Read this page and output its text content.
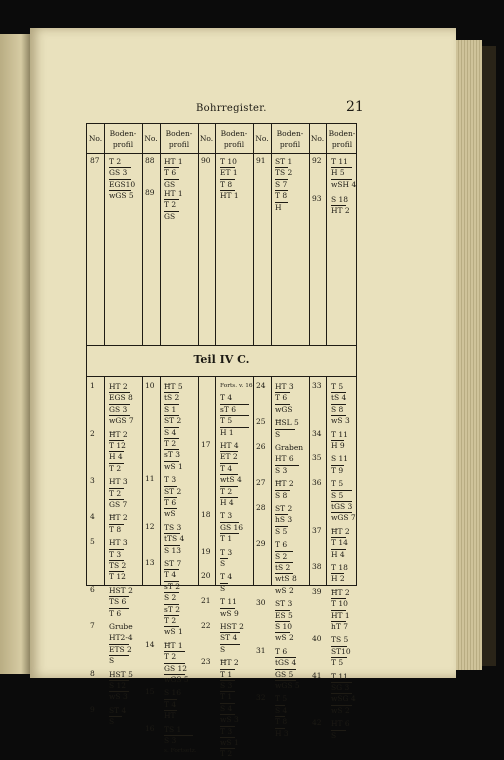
Bohrregister.	21
No.
Boden-
profil
No.
Boden-
profil
No.
Boden-
profil
No.
Boden-
profil
No.
Boden-
profil
Teil IV C.
87 T 2
GS 3
EGS10
wGS 5
88 HT 1
T 6
GS
89 HT 1
T 2
GS
90 T 10
ET 1
T 8
HT 1
91 ST 1
TS 2
S 7
T 8
H
92 T 11
H 5
wSH 4
93 S 18
HT 2
1 HT 2
EGS 8
GS 3
wGS 7
2 ĦT 2
T 12
H 4
T 2
3 HT 3
T 2
GS 7
4 ĦT 2
T 8
5 HT 3
T 3
TS 2
T 12
6 HST 2
TS 6
T 6
7 Grube
HT2-4
ETS 2
S
8 HST 5
S 12
wS 3
9 ST 4
S
10 ĦT 5
tS 2
S 1
ST 2
S 4
T 2
sT 3
wS 1
11 T 3
ST 2
T 6
wS
12 TS 3
tTS 4
S 13
13 ST 7
T 4
sT 2
S 2
sT 2
T 2
wS 1
14 ĦT 1
T 2
GS 12
wGS 5
15 S 16
T 4
HT
16 TS 1
S 3
s. Fortsetz.
Forts. v. 16
T 4
sT 6
T 5
H 1
17 HT 4
ET 2
T 4
wtS 4
T 2
H 4
18 T 3
GS 16
T 1
19 T 3
S
20 T 4
S
21 T 11
wS 9
22 HST 2
ST 4
S
23 ĦT 2
T 1
S 3
T 1
S 4
wS 3
T 3
wS 1
T 2
24 HT 3
T 6
wGS
25 ĦSL 5
S
26 Graben
HT 6
S 3
27 ĦT 2
S 8
28 ST 2
hS 3
S 5
29 T 6
S 2
tS 2
wtS 8
wS 2
30 ST 3
ES 5
S 10
wS 2
31 T 6
tGS 4
GS 5
wGS 5
32 T 5
S 4
T 8
H 3
33 T 5
tS 4
S 8
wS 3
34 T 11
H 9
35 S 11
T 9
36 T 5
S 5
tGS 3
wGS 7
37 ĦT 2
T 14
H 4
38 T 18
H 2
39 ĦT 2
T 10
HT 1
hT 7
40 TS 5
ST10
T 5
41 T 11
SG 3
wSG 4
wS 2
42 HT 6
S
